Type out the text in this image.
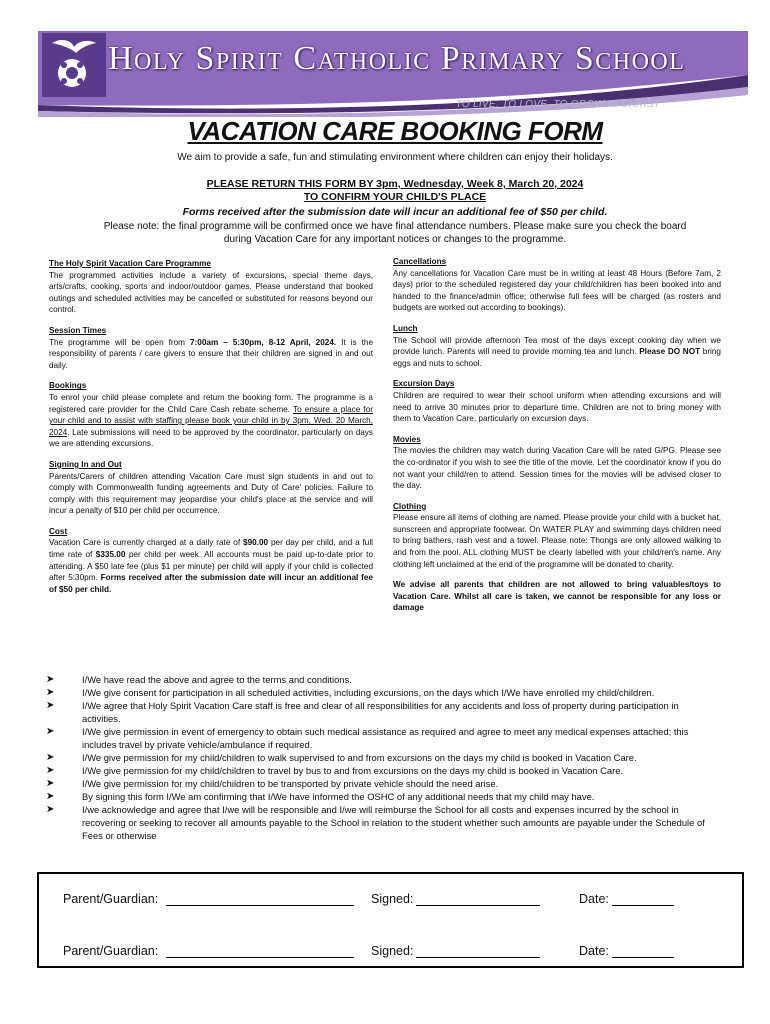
Holy Spirit Catholic Primary School
TO LIVE, TO LOVE, TO GROW IN CHRIST
VACATION CARE BOOKING FORM
We aim to provide a safe, fun and stimulating environment where children can enjoy their holidays.
PLEASE RETURN THIS FORM BY 3pm, Wednesday, Week 8, March 20, 2024
TO CONFIRM YOUR CHILD'S PLACE
Forms received after the submission date will incur an additional fee of $50 per child.
Please note: the final programme will be confirmed once we have final attendance numbers. Please make sure you check the board during Vacation Care for any important notices or changes to the programme.
The Holy Spirit Vacation Care Programme
The programmed activities include a variety of excursions, special theme days, arts/crafts, cooking, sports and indoor/outdoor games. Please understand that booked outings and scheduled activities may be cancelled or substituted for reasons beyond our control.
Session Times
The programme will be open from 7:00am – 5:30pm, 8-12 April, 2024. It is the responsibility of parents / care givers to ensure that their children are signed in and out daily.
Bookings
To enrol your child please complete and return the booking form. The programme is a registered care provider for the Child Care Cash rebate scheme. To ensure a place for your child and to assist with staffing please book your child in by 3pm, Wed. 20 March, 2024. Late submissions will need to be approved by the coordinator, particularly on days we are attending excursions.
Signing In and Out
Parents/Carers of children attending Vacation Care must sign students in and out to comply with Commonwealth funding agreements and Duty of Care' policies. Failure to comply with this requirement may jeopardise your child's place at the service and will incur a penalty of $10 per child per occurrence.
Cost
Vacation Care is currently charged at a daily rate of $90.00 per day per child, and a full time rate of $335.00 per child per week. All accounts must be paid up-to-date prior to attending. A $50 late fee (plus $1 per minute) per child will apply if your child is collected after 5:30pm. Forms received after the submission date will incur an additional fee of $50 per child.
Cancellations
Any cancellations for Vacation Care must be in writing at least 48 Hours (Before 7am, 2 days) prior to the scheduled registered day your child/children has been booked into and handed to the finance/admin office; otherwise full fees will be charged (as rosters and budgets are worked out according to bookings).
Lunch
The School will provide afternoon Tea most of the days except cooking day when we provide lunch. Parents will need to provide morning tea and lunch. Please DO NOT bring eggs and nuts to school.
Excursion Days
Children are required to wear their school uniform when attending excursions and will need to arrive 30 minutes prior to departure time. Children are not to bring money with them to Vacation Care, particularly on excursion days.
Movies
The movies the children may watch during Vacation Care will be rated G/PG. Please see the co-ordinator if you wish to see the title of the movie. Let the coordinator know if you do not want your child/ren to attend. Session times for the movies will be advised closer to the day.
Clothing
Please ensure all items of clothing are named. Please provide your child with a bucket hat, sunscreen and appropriate footwear. On WATER PLAY and swimming days children need to bring bathers, rash vest and a towel. Please note: Thongs are only allowed walking to and from the pool. ALL clothing MUST be clearly labelled with your child/ren's name. Any clothing left unclaimed at the end of the programme will be donated to charity.
We advise all parents that children are not allowed to bring valuables/toys to Vacation Care. Whilst all care is taken, we cannot be responsible for any loss or damage
➤	I/We have read the above and agree to the terms and conditions.
➤	I/We give consent for participation in all scheduled activities, including excursions, on the days which I/We have enrolled my child/children.
➤	I/We agree that Holy Spirit Vacation Care staff is free and clear of all responsibilities for any accidents and loss of property during participation in activities.
➤	I/We give permission in event of emergency to obtain such medical assistance as required and agree to meet any medical expenses attached; this includes travel by private vehicle/ambulance if required.
➤	I/We give permission for my child/children to walk supervised to and from excursions on the days my child is booked in Vacation Care.
➤	I/We give permission for my child/children to travel by bus to and from excursions on the days my child is booked in Vacation Care.
➤	I/We give permission for my child/children to be transported by private vehicle should the need arise.
➤	By signing this form I/We am confirming that I/We have informed the OSHC of any additional needs that my child may have.
➤	I/we acknowledge and agree that I/we will be responsible and I/we will reimburse the School for all costs and expenses incurred by the school in recovering or seeking to recover all amounts payable to the School in relation to the student whether such amounts are payable under the Schedule of Fees or otherwise
Parent/Guardian:	Signed:	Date:
Parent/Guardian:	Signed:	Date:
